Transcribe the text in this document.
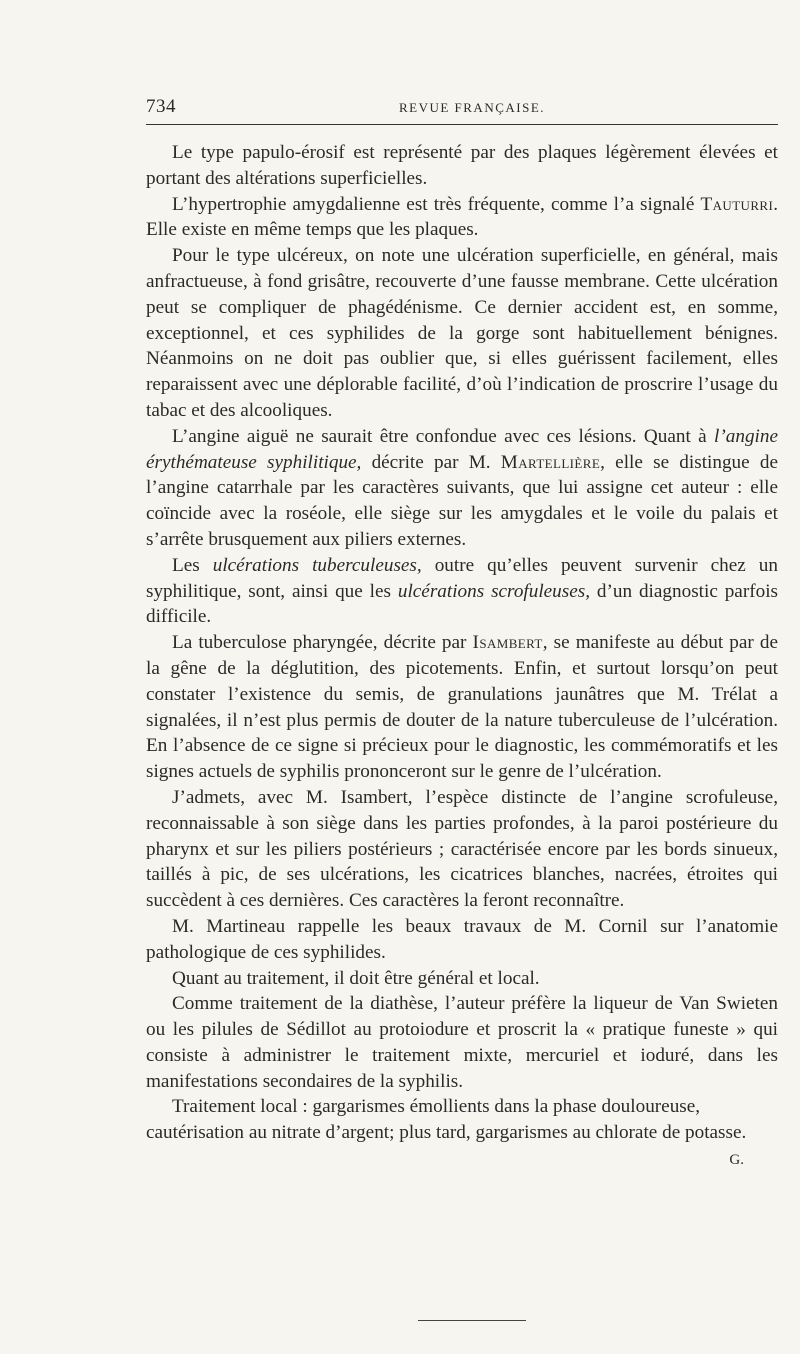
734	REVUE FRANÇAISE.

Le type papulo-érosif est représenté par des plaques légèrement élevées et portant des altérations superficielles.

L’hypertrophie amygdalienne est très fréquente, comme l’a signalé Tauturri. Elle existe en même temps que les plaques.

Pour le type ulcéreux, on note une ulcération superficielle, en général, mais anfractueuse, à fond grisâtre, recouverte d’une fausse membrane. Cette ulcération peut se compliquer de phagédénisme. Ce dernier accident est, en somme, exceptionnel, et ces syphilides de la gorge sont habituellement bénignes. Néanmoins on ne doit pas oublier que, si elles guérissent facilement, elles reparaissent avec une déplorable facilité, d’où l’indication de proscrire l’usage du tabac et des alcooliques.

L’angine aiguë ne saurait être confondue avec ces lésions. Quant à l’angine érythémateuse syphilitique, décrite par M. Martellière, elle se distingue de l’angine catarrhale par les caractères suivants, que lui assigne cet auteur : elle coïncide avec la roséole, elle siège sur les amygdales et le voile du palais et s’arrête brusquement aux piliers externes.

Les ulcérations tuberculeuses, outre qu’elles peuvent survenir chez un syphilitique, sont, ainsi que les ulcérations scrofuleuses, d’un diagnostic parfois difficile.

La tuberculose pharyngée, décrite par Isambert, se manifeste au début par de la gêne de la déglutition, des picotements. Enfin, et surtout lorsqu’on peut constater l’existence du semis, de granulations jaunâtres que M. Trélat a signalées, il n’est plus permis de douter de la nature tuberculeuse de l’ulcération. En l’absence de ce signe si précieux pour le diagnostic, les commémoratifs et les signes actuels de syphilis prononceront sur le genre de l’ulcération.

J’admets, avec M. Isambert, l’espèce distincte de l’angine scrofuleuse, reconnaissable à son siège dans les parties profondes, à la paroi postérieure du pharynx et sur les piliers postérieurs ; caractérisée encore par les bords sinueux, taillés à pic, de ses ulcérations, les cicatrices blanches, nacrées, étroites qui succèdent à ces dernières. Ces caractères la feront reconnaître.

M. Martineau rappelle les beaux travaux de M. Cornil sur l’anatomie pathologique de ces syphilides.

Quant au traitement, il doit être général et local.

Comme traitement de la diathèse, l’auteur préfère la liqueur de Van Swieten ou les pilules de Sédillot au protoiodure et proscrit la « pratique funeste » qui consiste à administrer le traitement mixte, mercuriel et ioduré, dans les manifestations secondaires de la syphilis.

Traitement local : gargarismes émollients dans la phase douloureuse, cautérisation au nitrate d’argent; plus tard, gargarismes au chlorate de potasse.
G.
